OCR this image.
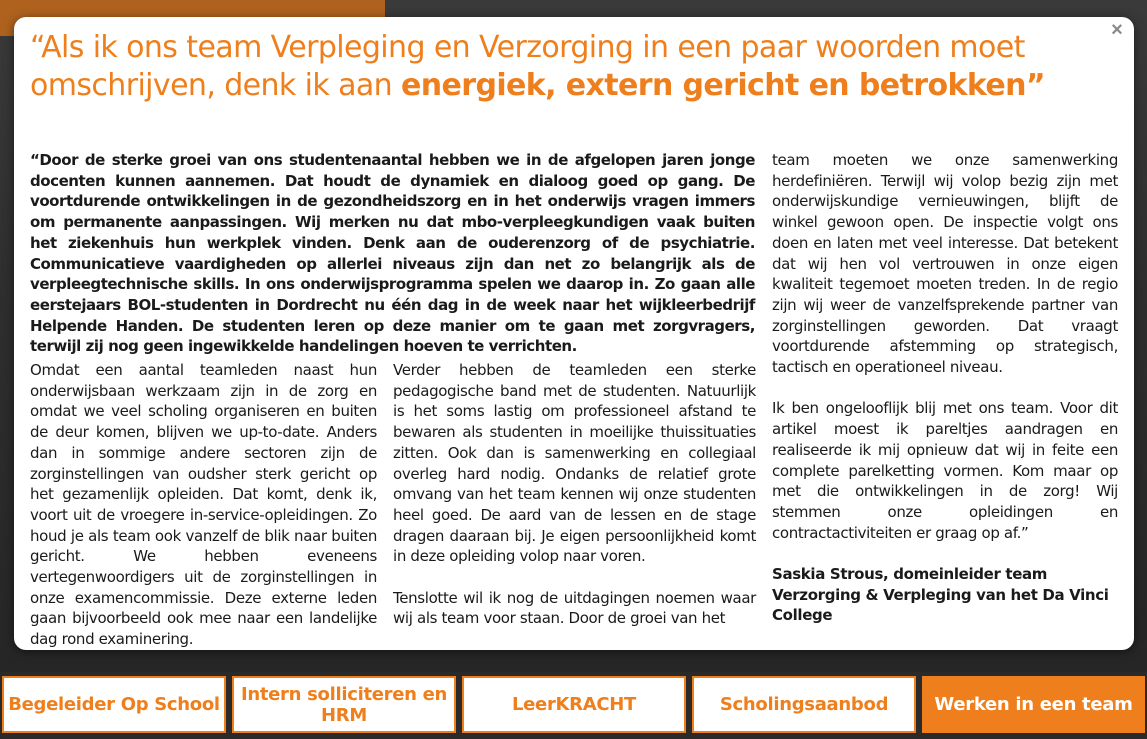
×
“Als ik ons team Verpleging en Verzorging in een paar woorden moet omschrijven, denk ik aan energiek, extern gericht en betrokken”

“Door de sterke groei van ons studentenaantal hebben we in de afgelopen jaren jonge docenten kunnen aannemen. Dat houdt de dynamiek en dialoog goed op gang. De voortdurende ontwikkelingen in de gezondheidszorg en in het onderwijs vragen immers om permanente aanpassingen. Wij merken nu dat mbo-verpleegkundigen vaak buiten het ziekenhuis hun werkplek vinden. Denk aan de ouderenzorg of de psychiatrie. Communicatieve vaardigheden op allerlei niveaus zijn dan net zo belangrijk als de verpleegtechnische skills. In ons onderwijsprogramma spelen we daarop in. Zo gaan alle eerstejaars BOL-studenten in Dordrecht nu één dag in de week naar het wijkleerbedrijf Helpende Handen. De studenten leren op deze manier om te gaan met zorgvragers, terwijl zij nog geen ingewikkelde handelingen hoeven te verrichten.

Omdat een aantal teamleden naast hun onderwijsbaan werkzaam zijn in de zorg en omdat we veel scholing organiseren en buiten de deur komen, blijven we up-to-date. Anders dan in sommige andere sectoren zijn de zorginstellingen van oudsher sterk gericht op het gezamenlijk opleiden. Dat komt, denk ik, voort uit de vroegere in-service-opleidingen. Zo houd je als team ook vanzelf de blik naar buiten gericht. We hebben eveneens vertegenwoordigers uit de zorginstellingen in onze examencommissie. Deze externe leden gaan bijvoorbeeld ook mee naar een landelijke dag rond examinering.

Verder hebben de teamleden een sterke pedagogische band met de studenten. Natuurlijk is het soms lastig om professioneel afstand te bewaren als studenten in moeilijke thuissituaties zitten. Ook dan is samenwerking en collegiaal overleg hard nodig. Ondanks de relatief grote omvang van het team kennen wij onze studenten heel goed. De aard van de lessen en de stage dragen daaraan bij. Je eigen persoonlijkheid komt in deze opleiding volop naar voren.

Tenslotte wil ik nog de uitdagingen noemen waar wij als team voor staan. Door de groei van het

team moeten we onze samenwerking herdefiniëren. Terwijl wij volop bezig zijn met onderwijskundige vernieuwingen, blijft de winkel gewoon open. De inspectie volgt ons doen en laten met veel interesse. Dat betekent dat wij hen vol vertrouwen in onze eigen kwaliteit tegemoet moeten treden. In de regio zijn wij weer de vanzelfsprekende partner van zorginstellingen geworden. Dat vraagt voortdurende afstemming op strategisch, tactisch en operationeel niveau.

Ik ben ongelooflijk blij met ons team. Voor dit artikel moest ik pareltjes aandragen en realiseerde ik mij opnieuw dat wij in feite een complete parelketting vormen. Kom maar op met die ontwikkelingen in de zorg! Wij stemmen onze opleidingen en contractactiviteiten er graag op af.”

Saskia Strous, domeinleider team Verzorging & Verpleging van het Da Vinci College

Begeleider Op School	Intern solliciteren en HRM	LeerKRACHT	Scholingsaanbod	Werken in een team
